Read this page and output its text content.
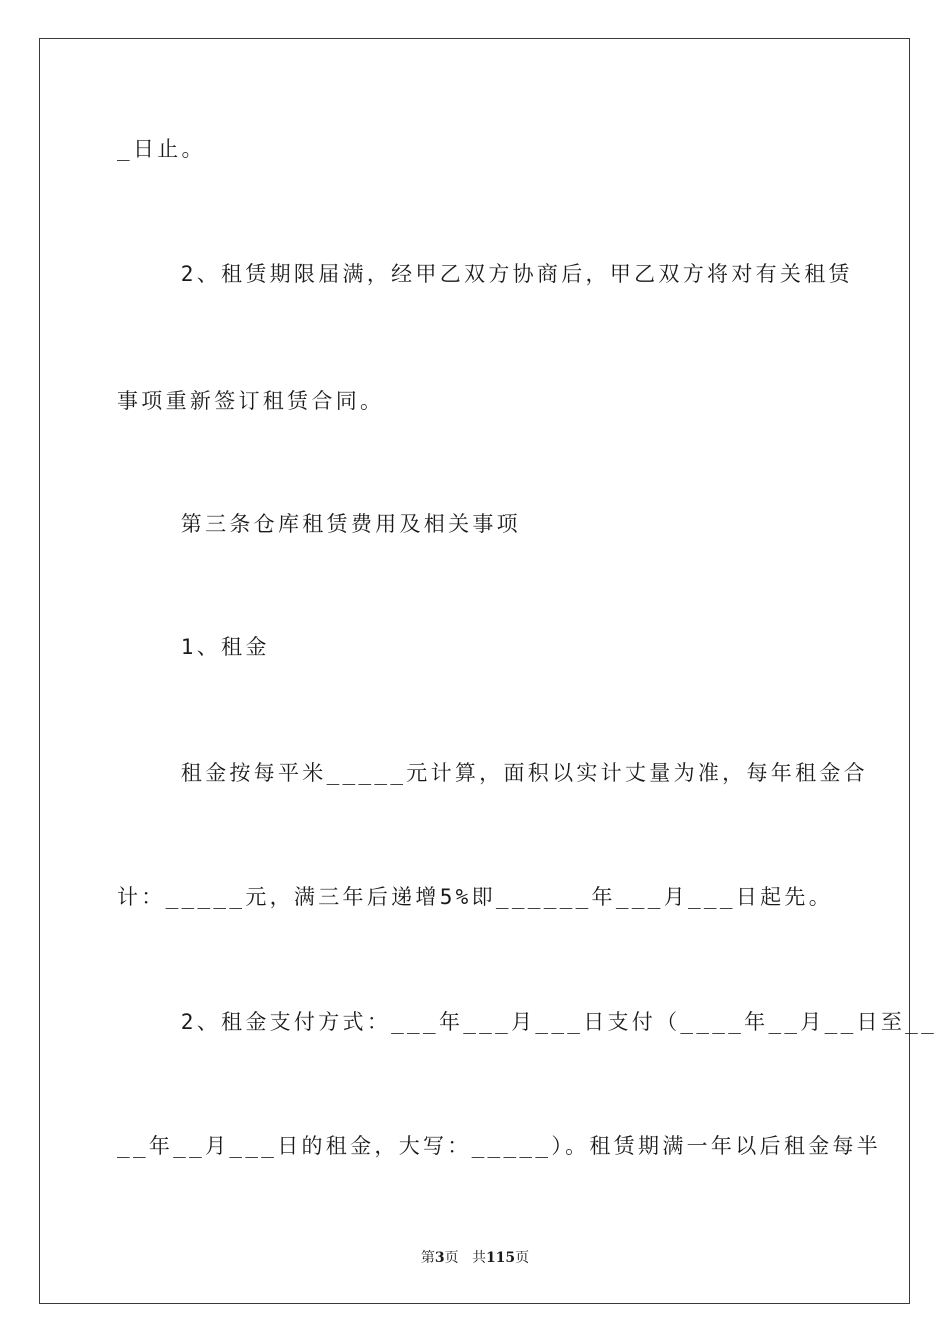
_日止。
2、租赁期限届满，经甲乙双方协商后，甲乙双方将对有关租赁
事项重新签订租赁合同。
第三条仓库租赁费用及相关事项
1、租金
租金按每平米_____元计算，面积以实计丈量为准，每年租金合
计：_____元，满三年后递增5%即______年___月___日起先。
2、租金支付方式：___年___月___日支付（____年__月__日至__
__年__月___日的租金，大写：_____）。租赁期满一年以后租金每半
第3页 共115页
